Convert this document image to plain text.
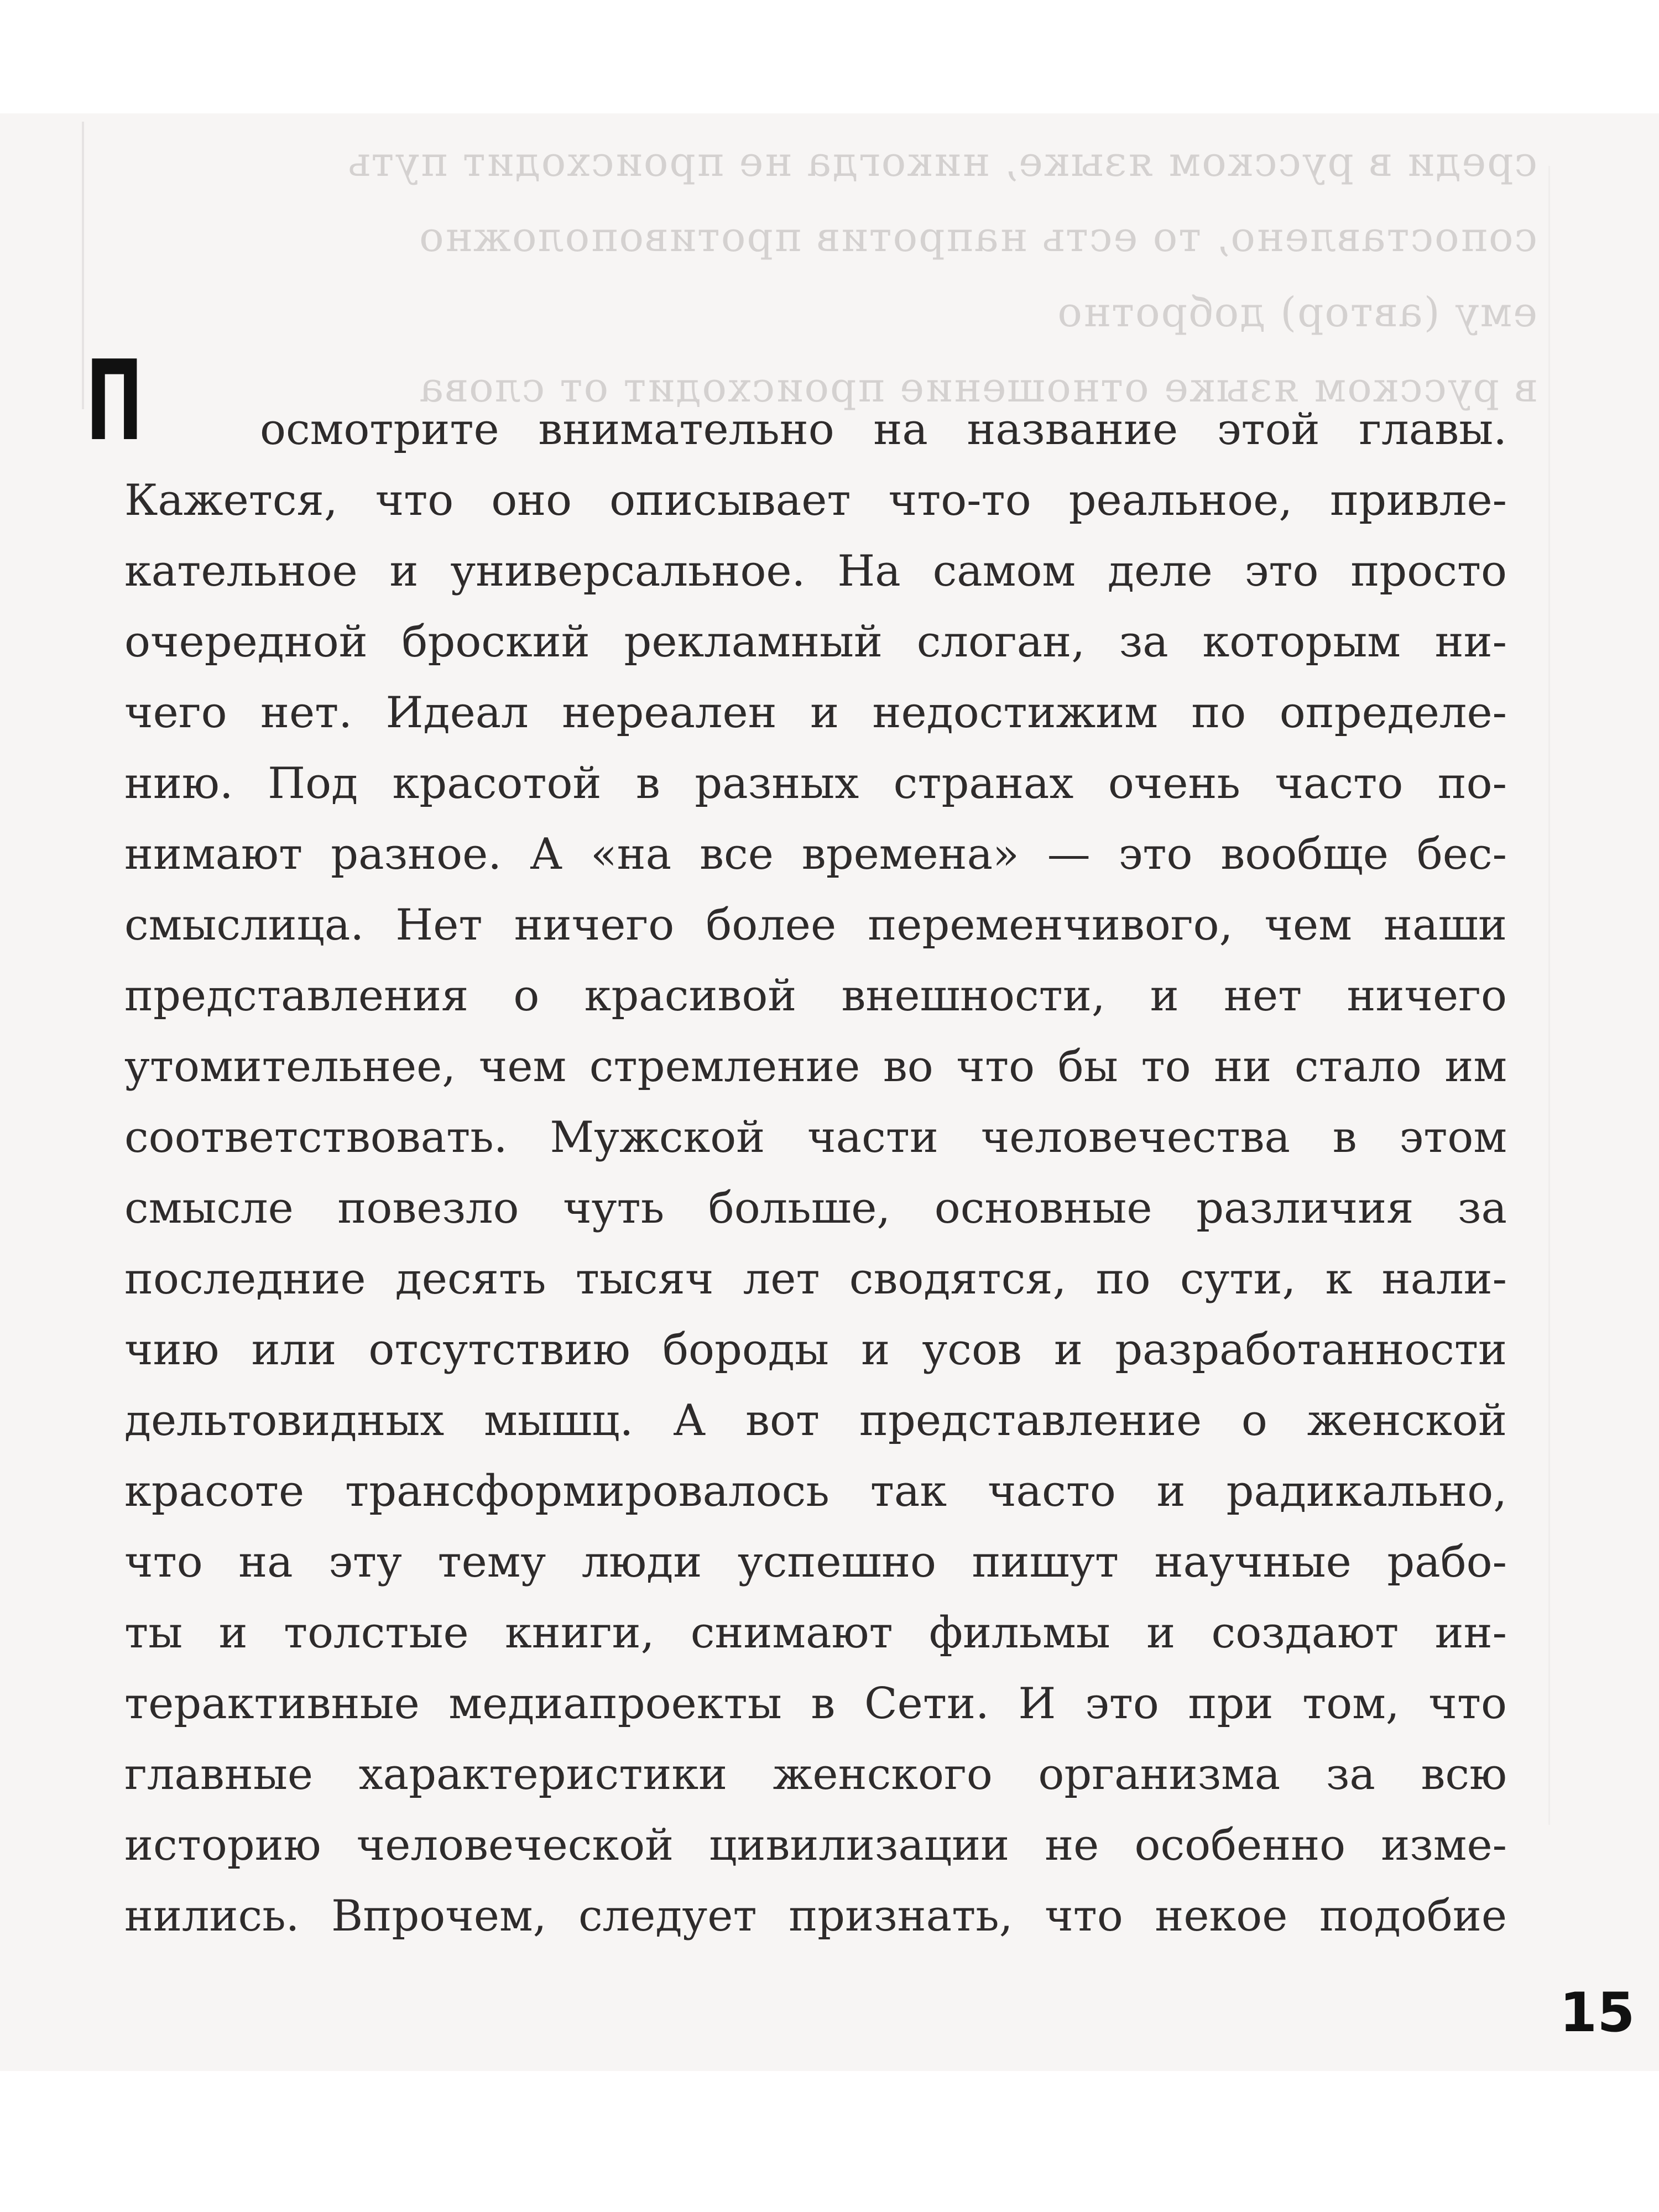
среди в русском языке, никогда не происходит путь
сопоставлено, то есть напротив противоположно
ему (автор) добротно
в русском языке отношение происходит от слова
П	осмотрите внимательно на название этой главы.
Кажется, что оно описывает что-то реальное, привле-
кательное и универсальное. На самом деле это просто
очередной броский рекламный слоган, за которым ни-
чего нет. Идеал нереален и недостижим по определе-
нию. Под красотой в разных странах очень часто по-
нимают разное. А «на все времена» — это вообще бес-
смыслица. Нет ничего более переменчивого, чем наши
представления о красивой внешности, и нет ничего
утомительнее, чем стремление во что бы то ни стало им
соответствовать. Мужской части человечества в этом
смысле повезло чуть больше, основные различия за
последние десять тысяч лет сводятся, по сути, к нали-
чию или отсутствию бороды и усов и разработанности
дельтовидных мышц. А вот представление о женской
красоте трансформировалось так часто и радикально,
что на эту тему люди успешно пишут научные рабо-
ты и толстые книги, снимают фильмы и создают ин-
терактивные медиапроекты в Сети. И это при том, что
главные характеристики женского организма за всю
историю человеческой цивилизации не особенно изме-
нились. Впрочем, следует признать, что некое подобие
15
